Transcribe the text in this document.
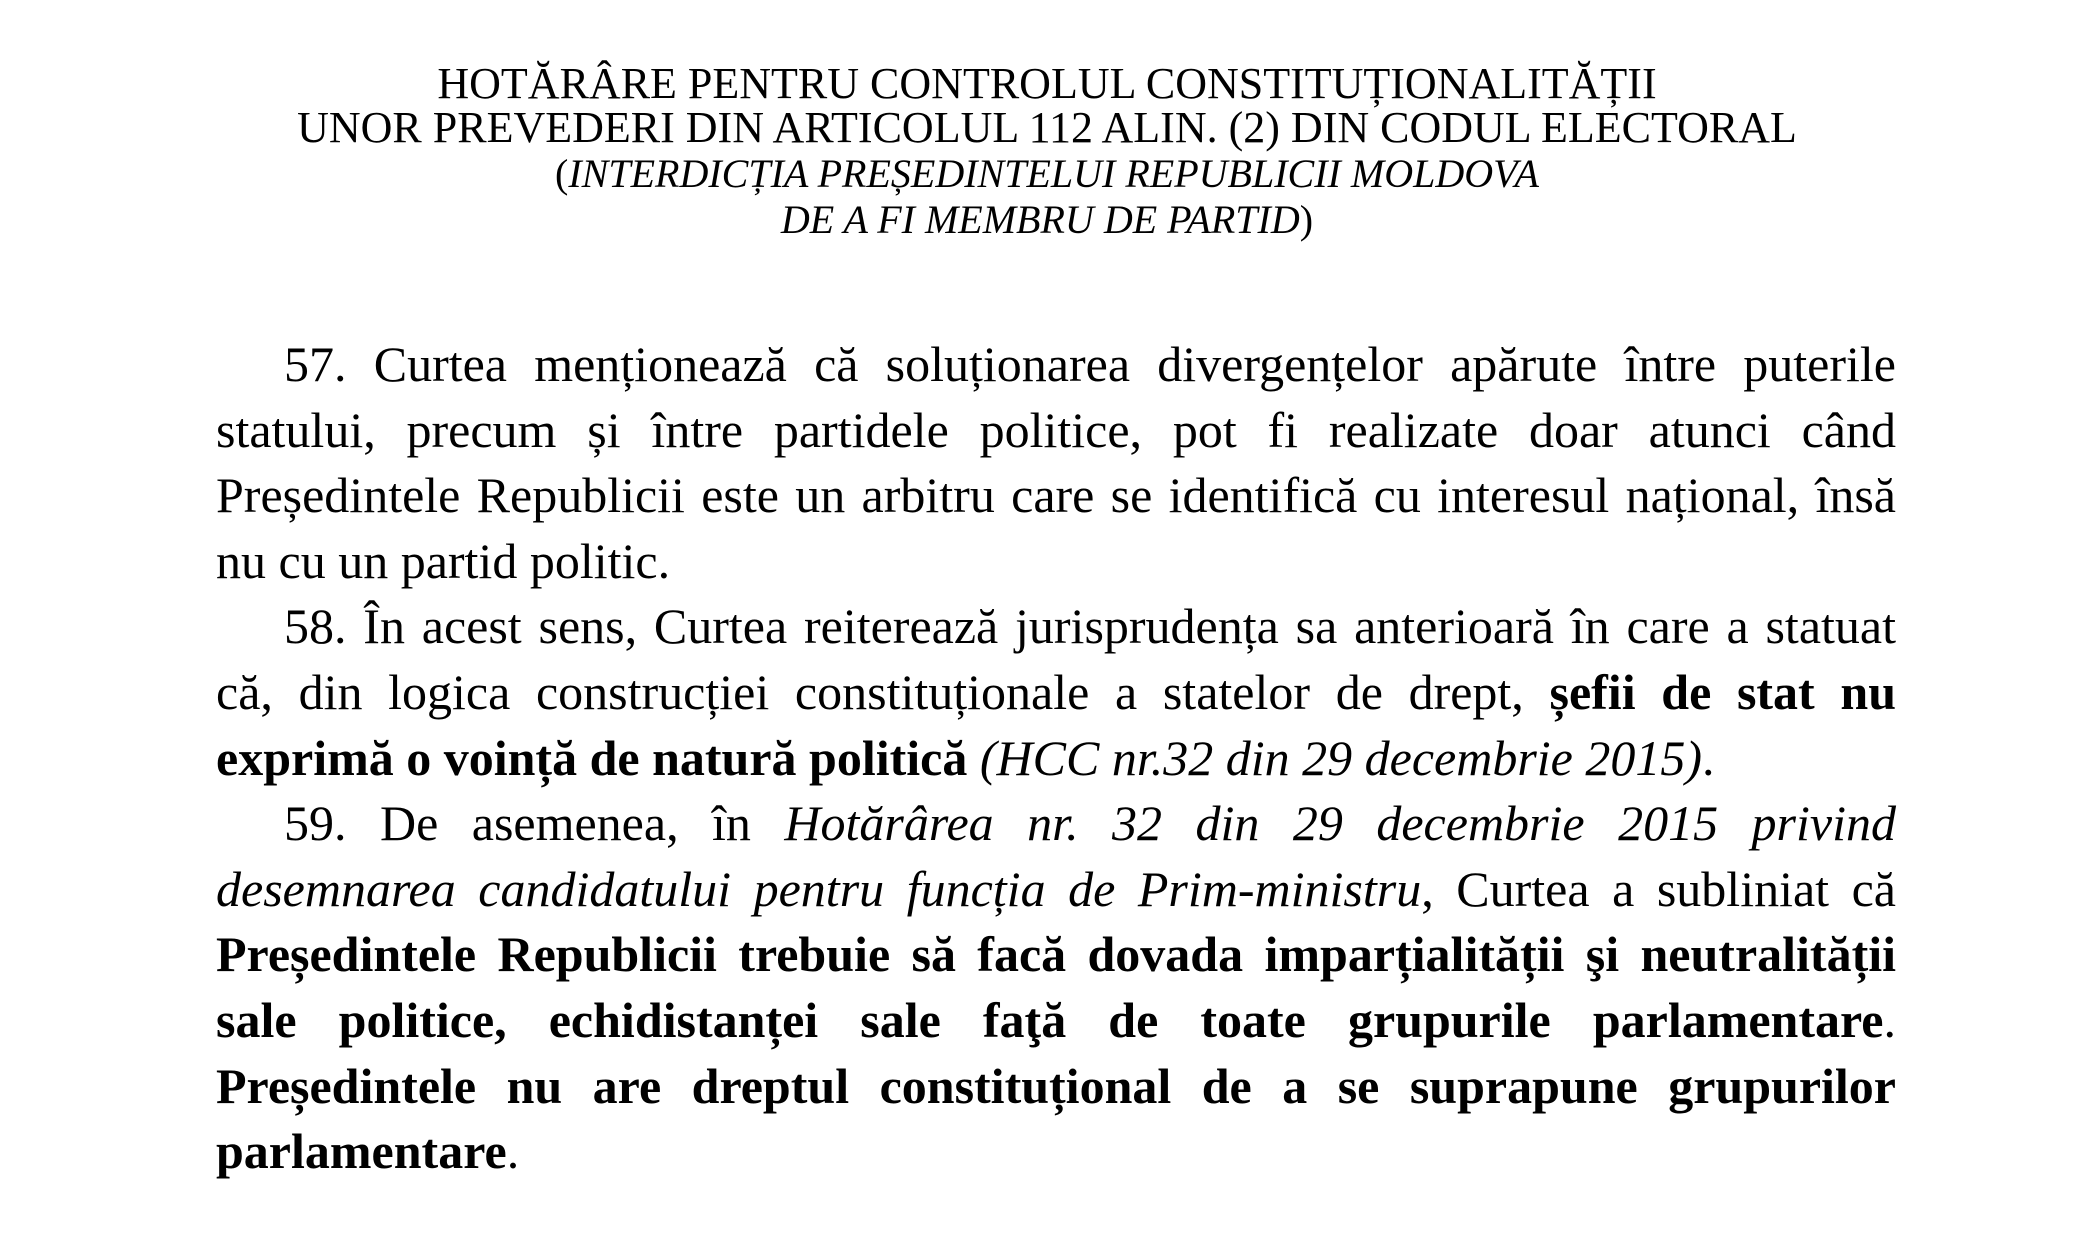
HOTĂRÂRE PENTRU CONTROLUL CONSTITUȚIONALITĂȚII
UNOR PREVEDERI DIN ARTICOLUL 112 ALIN. (2) DIN CODUL ELECTORAL
(INTERDICȚIA PREȘEDINTELUI REPUBLICII MOLDOVA
DE A FI MEMBRU DE PARTID)

57. Curtea menționează că soluționarea divergențelor apărute între puterile statului, precum și între partidele politice, pot fi realizate doar atunci când Președintele Republicii este un arbitru care se identifică cu interesul național, însă nu cu un partid politic.

58. În acest sens, Curtea reiterează jurisprudența sa anterioară în care a statuat că, din logica construcției constituționale a statelor de drept, șefii de stat nu exprimă o voință de natură politică (HCC nr.32 din 29 decembrie 2015).

59. De asemenea, în Hotărârea nr. 32 din 29 decembrie 2015 privind desemnarea candidatului pentru funcția de Prim-ministru, Curtea a subliniat că Președintele Republicii trebuie să facă dovada imparțialității şi neutralității sale politice, echidistanței sale faţă de toate grupurile parlamentare. Președintele nu are dreptul constituțional de a se suprapune grupurilor parlamentare.
